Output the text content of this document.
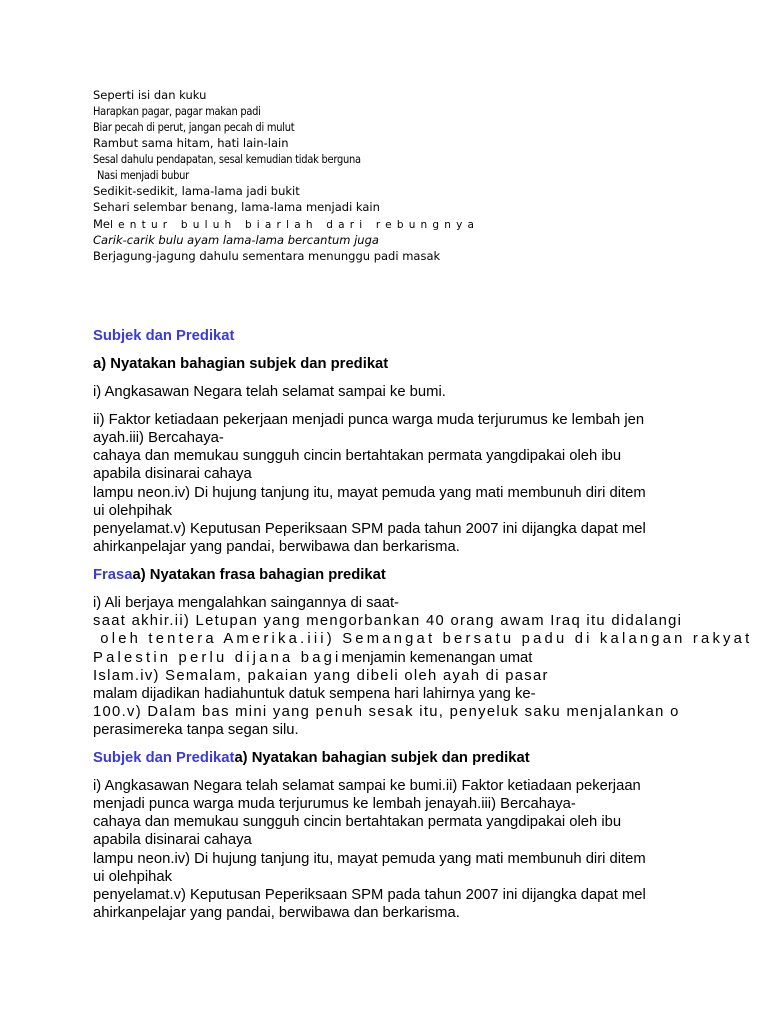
Seperti isi dan kuku

Harapkan pagar, pagar makan padi

Biar pecah di perut, jangan pecah di mulut

Rambut sama hitam, hati lain-lain

Sesal dahulu pendapatan, sesal kemudian tidak berguna

Nasi menjadi bubur

Sedikit-sedikit, lama-lama jadi bukit

Sehari selembar benang, lama-lama menjadi kain

Melentur buluh biarlah dari rebungnya

Carik-carik bulu ayam lama-lama bercantum juga

Berjagung-jagung dahulu sementara menunggu padi masak

Subjek dan Predikat

a) Nyatakan bahagian subjek dan predikat

i) Angkasawan Negara telah selamat sampai ke bumi.

ii) Faktor ketiadaan pekerjaan menjadi punca warga muda terjurumus ke lembah jen

ayah.iii) Bercahaya-

cahaya dan memukau sungguh cincin bertahtakan permata yangdipakai oleh ibu

apabila disinarai cahaya

lampu neon.iv) Di hujung tanjung itu, mayat pemuda yang mati membunuh diri ditem

ui olehpihak

penyelamat.v) Keputusan Peperiksaan SPM pada tahun 2007 ini dijangka dapat mel

ahirkanpelajar yang pandai, berwibawa dan berkarisma.

Frasaa) Nyatakan frasa bahagian predikat

i) Ali berjaya mengalahkan saingannya di saat-

saat akhir.ii) Letupan yang mengorbankan 40 orang awam Iraq itu didalangi

oleh tentera Amerika.iii) Semangat bersatu padu di kalangan rakyat

Palestin perlu dijana bagimenjamin kemenangan umat

Islam.iv) Semalam, pakaian yang dibeli oleh ayah di pasar

malam dijadikan hadiahuntuk datuk sempena hari lahirnya yang ke-

100.v) Dalam bas mini yang penuh sesak itu, penyeluk saku menjalankan o

perasimereka tanpa segan silu.

Subjek dan Predikata) Nyatakan bahagian subjek dan predikat

i) Angkasawan Negara telah selamat sampai ke bumi.ii) Faktor ketiadaan pekerjaan

menjadi punca warga muda terjurumus ke lembah jenayah.iii) Bercahaya-

cahaya dan memukau sungguh cincin bertahtakan permata yangdipakai oleh ibu

apabila disinarai cahaya

lampu neon.iv) Di hujung tanjung itu, mayat pemuda yang mati membunuh diri ditem

ui olehpihak

penyelamat.v) Keputusan Peperiksaan SPM pada tahun 2007 ini dijangka dapat mel

ahirkanpelajar yang pandai, berwibawa dan berkarisma.
